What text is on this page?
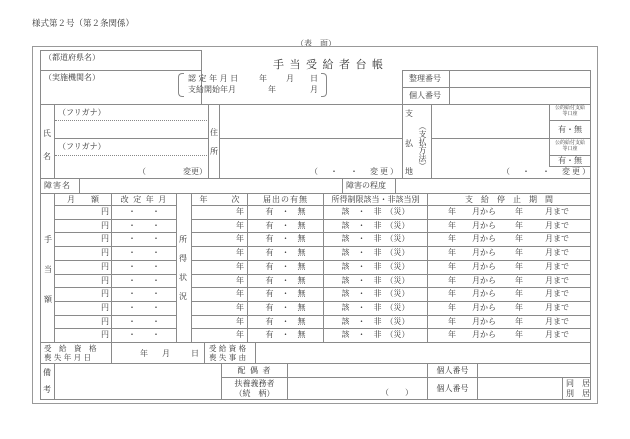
様式第２号（第２条関係）
（表　面）
（都道府県名）
（実施機関名）
手 当 受 給 者 台 帳
認 定 年 月 日	年 月 日
支給開始年月	年	月
整理番号
個人番号
氏
名
（フリガナ）
（フリガナ）
（	変更）
住
所
（　・　・　変更）
支
払
地
（支払方法）
公的給付支給
等口座
有・無
公的給付支給
等口座
有・無
（　・　・　変更）
障害名	障害の程度
月　　額	改 定 年 月	年　　　次	届出の有無	所得制限該当・非該当別	支　給　停　止　期　間
手
当
額
所
得
状
況
円	・　　・	年	有　・　無	該　・　非　（災）	年 月から 年	月まで
円	・　　・	年	有　・　無	該　・　非　（災）	年 月から 年	月まで
円	・　　・	年	有　・　無	該　・　非　（災）	年 月から 年	月まで
円	・　　・	年	有　・　無	該　・　非　（災）	年 月から 年	月まで
円	・　　・	年	有　・　無	該　・　非　（災）	年 月から 年	月まで
円	・　　・	年	有　・　無	該　・　非　（災）	年 月から 年	月まで
円	・　　・	年	有　・　無	該　・　非　（災）	年 月から 年	月まで
円	・　　・	年	有　・　無	該　・　非　（災）	年 月から 年	月まで
円	・　　・	年	有　・　無	該　・　非　（災）	年 月から 年	月まで
円	・　　・	年	有　・　無	該　・　非　（災）	年 月から 年	月まで
受　給　資　格
喪 失 年 月 日	年 月	日
受 給 資 格
喪 失 事 由
備
考
配 偶 者
扶養義務者
（続　柄）	（　　）
個人番号
個人番号
同　居
別　居
